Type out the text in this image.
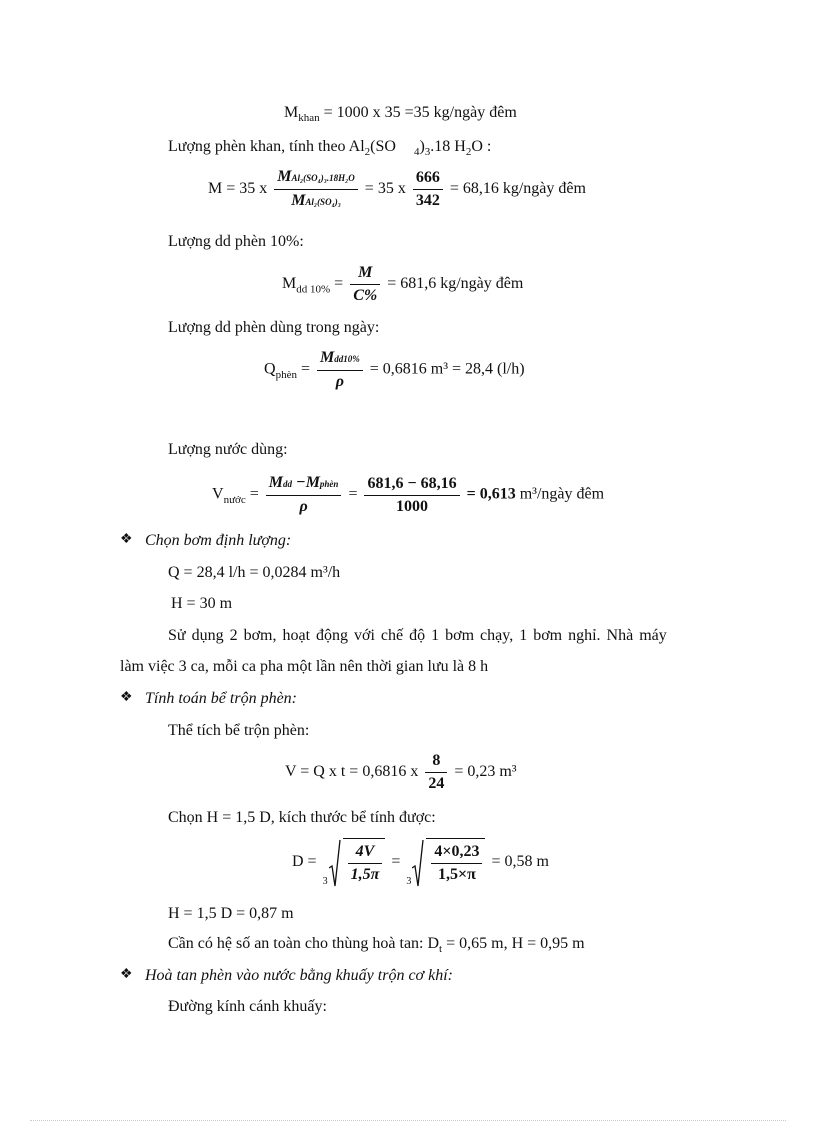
$M_{khan} = 1000$ x 35 =35 kg/ngày đêm
Lượng phèn khan, tính theo $Al_2(SO$ $_4)_3.18$ $H_2O$ :
M = 35 x $\frac{\text{MAl₂(SO₄)₃.18H₂O}}{\text{MAl₂(SO₄)₃}} = 35$ x $\frac{666}{342} = 68,16$ kg/ngày đêm
Lượng dd phèn 10%:
$M_{dd 10\%} = \frac{M}{C\%} = 681,6$ kg/ngày đêm
Lượng dd phèn dùng trong ngày:
$Q_{phèn} = \frac{\text{Mdd10\%}}{\rho} = 0,6816$ m³ = 28,4 (l/h)
Lượng nước dùng:
$V_{nước} = \frac{\text{Mdd −Mphèn}}{\rho} = \frac{681,6 - 68,16}{1000} = 0,613$ m³/ngày đêm
❖ Chọn bơm định lượng:
Q = 28,4 l/h = 0,0284 m³/h
H = 30 m
Sử dụng 2 bơm, hoạt động với chế độ 1 bơm chạy, 1 bơm nghỉ. Nhà máy
làm việc 3 ca, mỗi ca pha một lần nên thời gian lưu là 8 h
❖ Tính toán bể trộn phèn:
Thể tích bể trộn phèn:
V = Q x t = 0,6816 x $\frac{8}{24} = 0,23$ m³
Chọn H = 1,5 D, kích thước bể tính được:
D =
$3 \frac{4V}{1,5\pi}$ =
$3 \frac{4\times 0,23}{1,5\times\pi} = 0,58$ m
H = 1,5 D = 0,87 m
Cần có hệ số an toàn cho thùng hoà tan: $D_t = 0,65$ m, H = 0,95 m
❖ Hoà tan phèn vào nước bằng khuấy trộn cơ khí:
Đường kính cánh khuấy:
